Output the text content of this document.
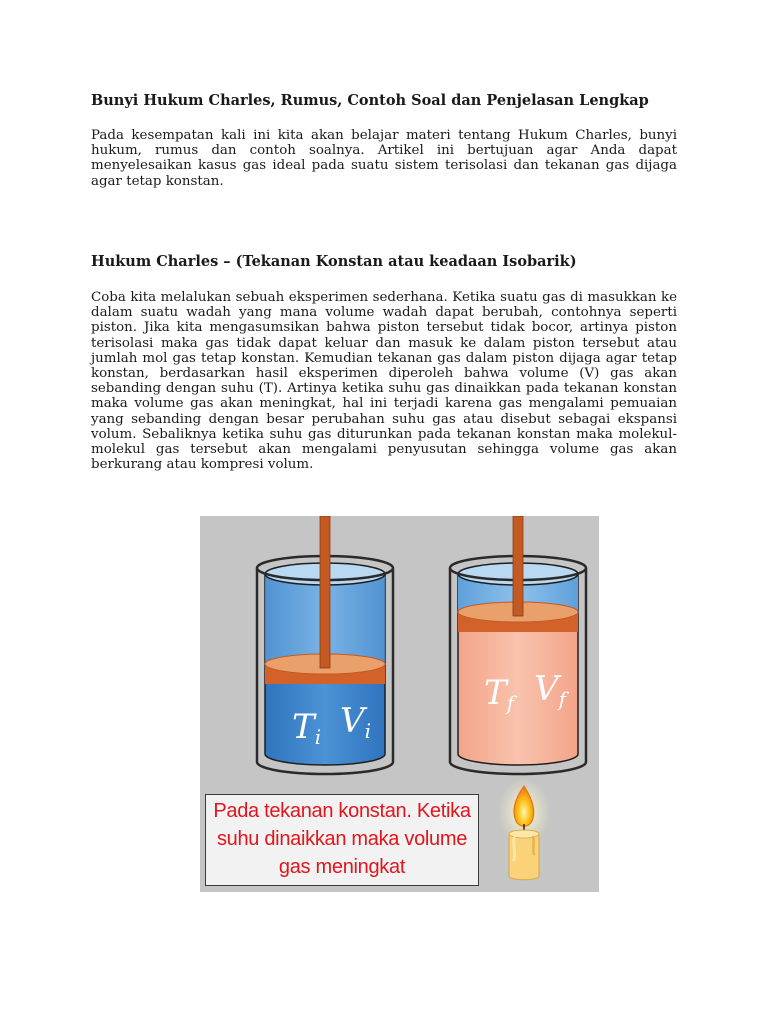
Bunyi Hukum Charles, Rumus, Contoh Soal dan Penjelasan Lengkap

Pada kesempatan kali ini kita akan belajar materi tentang Hukum Charles, bunyi hukum, rumus dan contoh soalnya. Artikel ini bertujuan agar Anda dapat menyelesaikan kasus gas ideal pada suatu sistem terisolasi dan tekanan gas dijaga agar tetap konstan.

Hukum Charles – (Tekanan Konstan atau keadaan Isobarik)

Coba kita melalukan sebuah eksperimen sederhana. Ketika suatu gas di masukkan ke dalam suatu wadah yang mana volume wadah dapat berubah, contohnya seperti piston. Jika kita mengasumsikan bahwa piston tersebut tidak bocor, artinya piston terisolasi maka gas tidak dapat keluar dan masuk ke dalam piston tersebut atau jumlah mol gas tetap konstan. Kemudian tekanan gas dalam piston dijaga agar tetap konstan, berdasarkan hasil eksperimen diperoleh bahwa volume (V) gas akan sebanding dengan suhu (T). Artinya ketika suhu gas dinaikkan pada tekanan konstan maka volume gas akan meningkat, hal ini terjadi karena gas mengalami pemuaian yang sebanding dengan besar perubahan suhu gas atau disebut sebagai ekspansi volum. Sebaliknya ketika suhu gas diturunkan pada tekanan konstan maka molekul-molekul gas tersebut akan mengalami penyusutan sehingga volume gas akan berkurang atau kompresi volum.

Ti Vi
Tf Vf
Pada tekanan konstan. Ketika
suhu dinaikkan maka volume
gas meningkat
